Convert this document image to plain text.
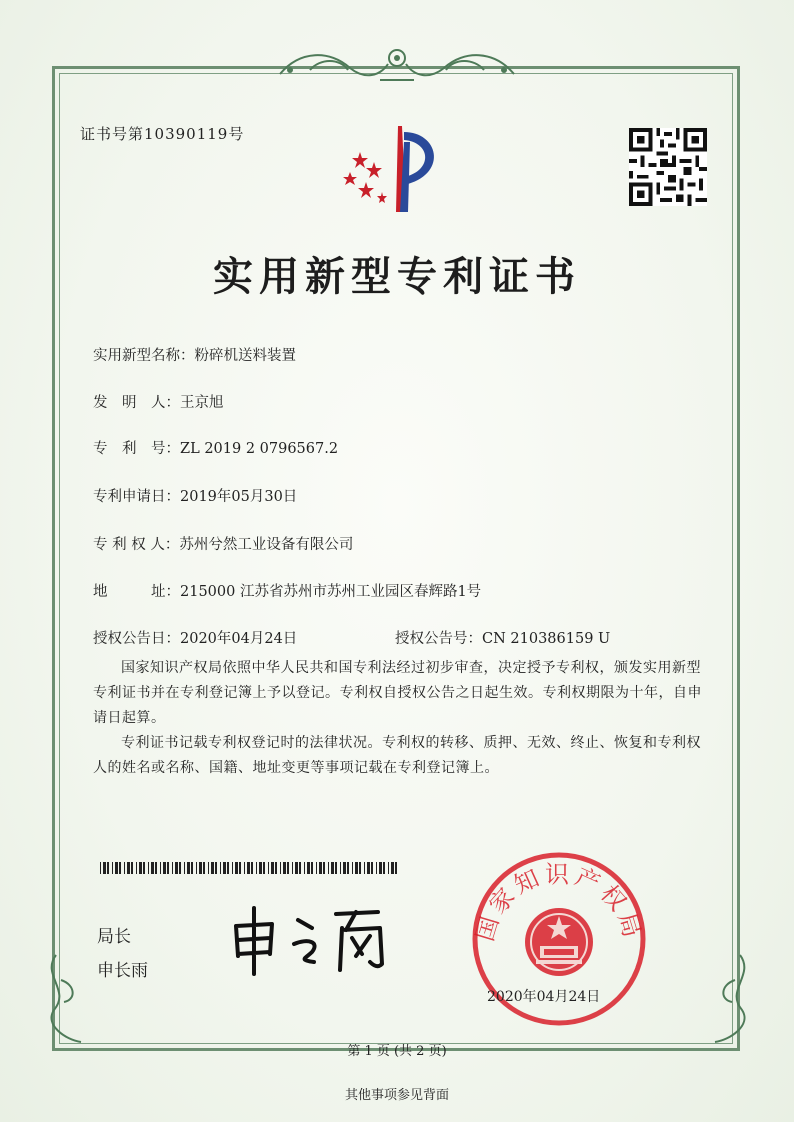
证书号第10390119号
实用新型专利证书
实用新型名称：粉碎机送料装置
发　明　人：王京旭
专　利　号：ZL 2019 2 0796567.2
专利申请日：2019年05月30日
专 利 权 人：苏州兮然工业设备有限公司
地　　　址：215000 江苏省苏州市苏州工业园区春辉路1号
授权公告日：2020年04月24日	授权公告号：CN 210386159 U

国家知识产权局依照中华人民共和国专利法经过初步审查，决定授予专利权，颁发实用新型专利证书并在专利登记簿上予以登记。专利权自授权公告之日起生效。专利权期限为十年，自申请日起算。

专利证书记载专利权登记时的法律状况。专利权的转移、质押、无效、终止、恢复和专利权人的姓名或名称、国籍、地址变更等事项记载在专利登记簿上。

局长
申长雨
国家知识产权局
2020年04月24日
第 1 页 (共 2 页)
其他事项参见背面
